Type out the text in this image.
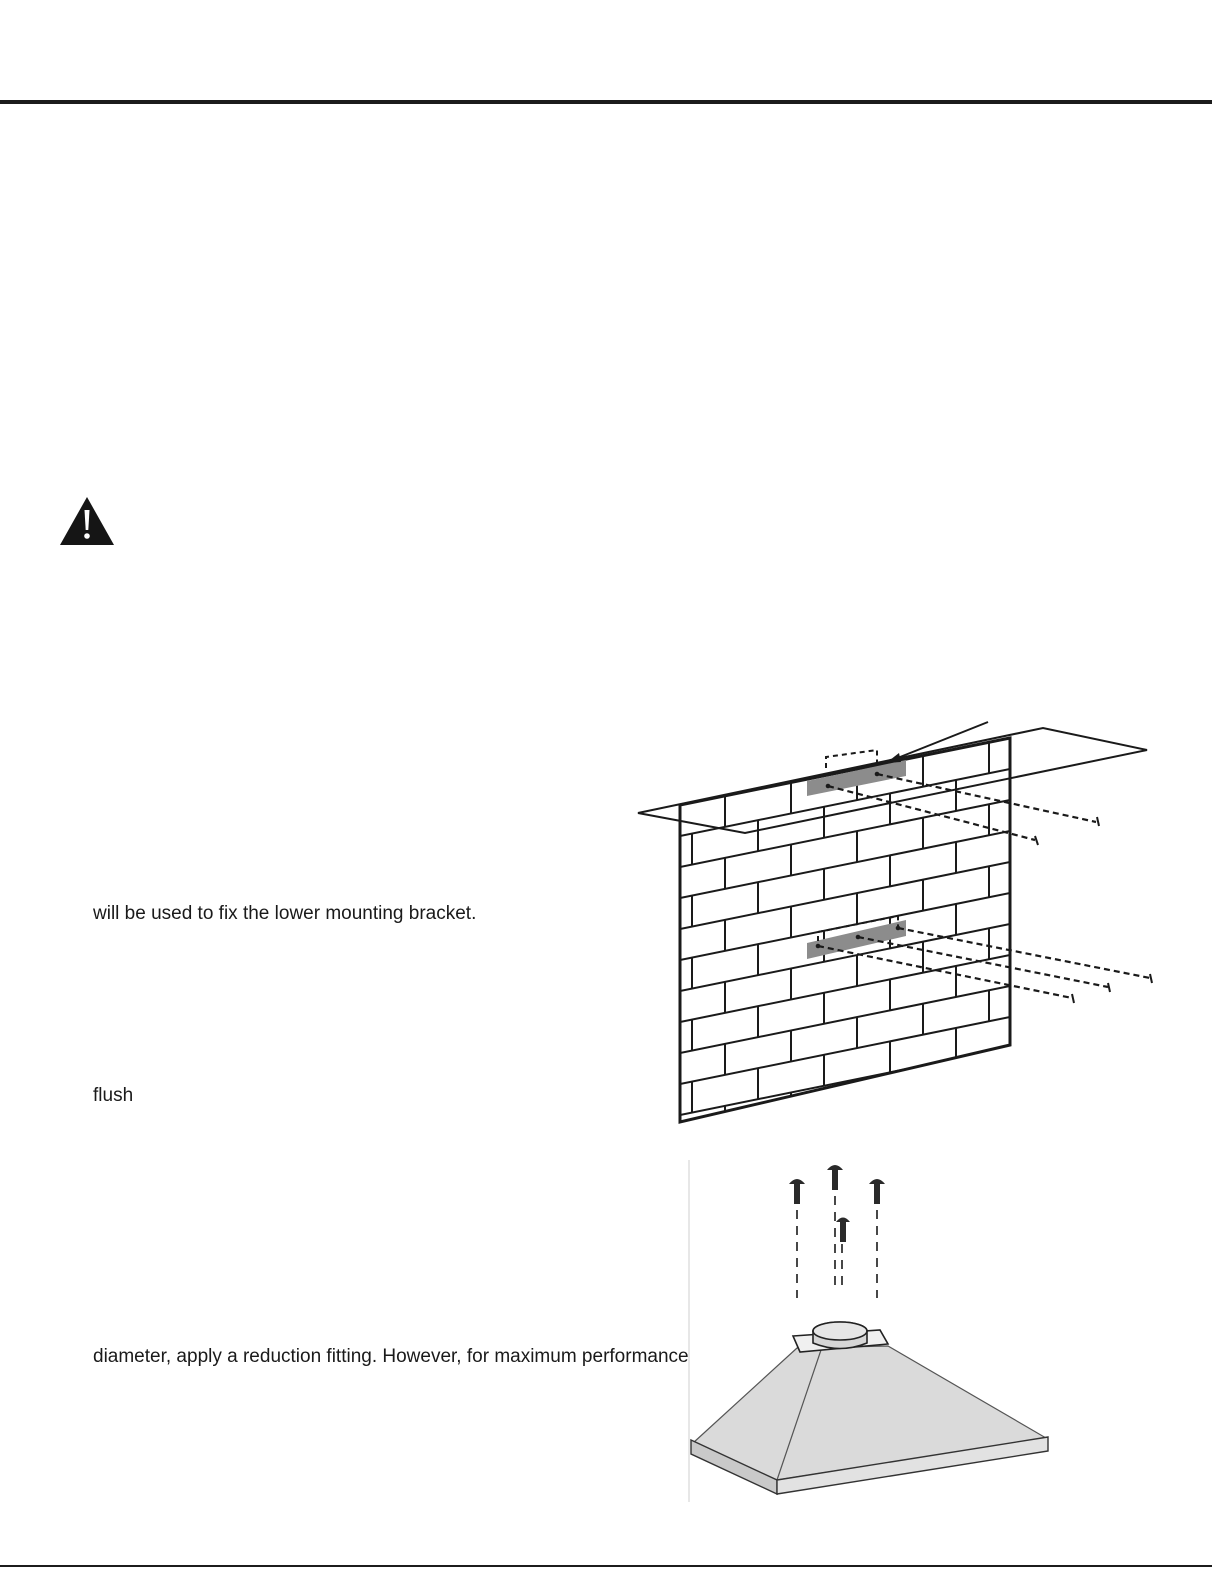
will be used to fix the lower mounting bracket.
flush
diameter, apply a reduction fitting. However, for maximum performance
